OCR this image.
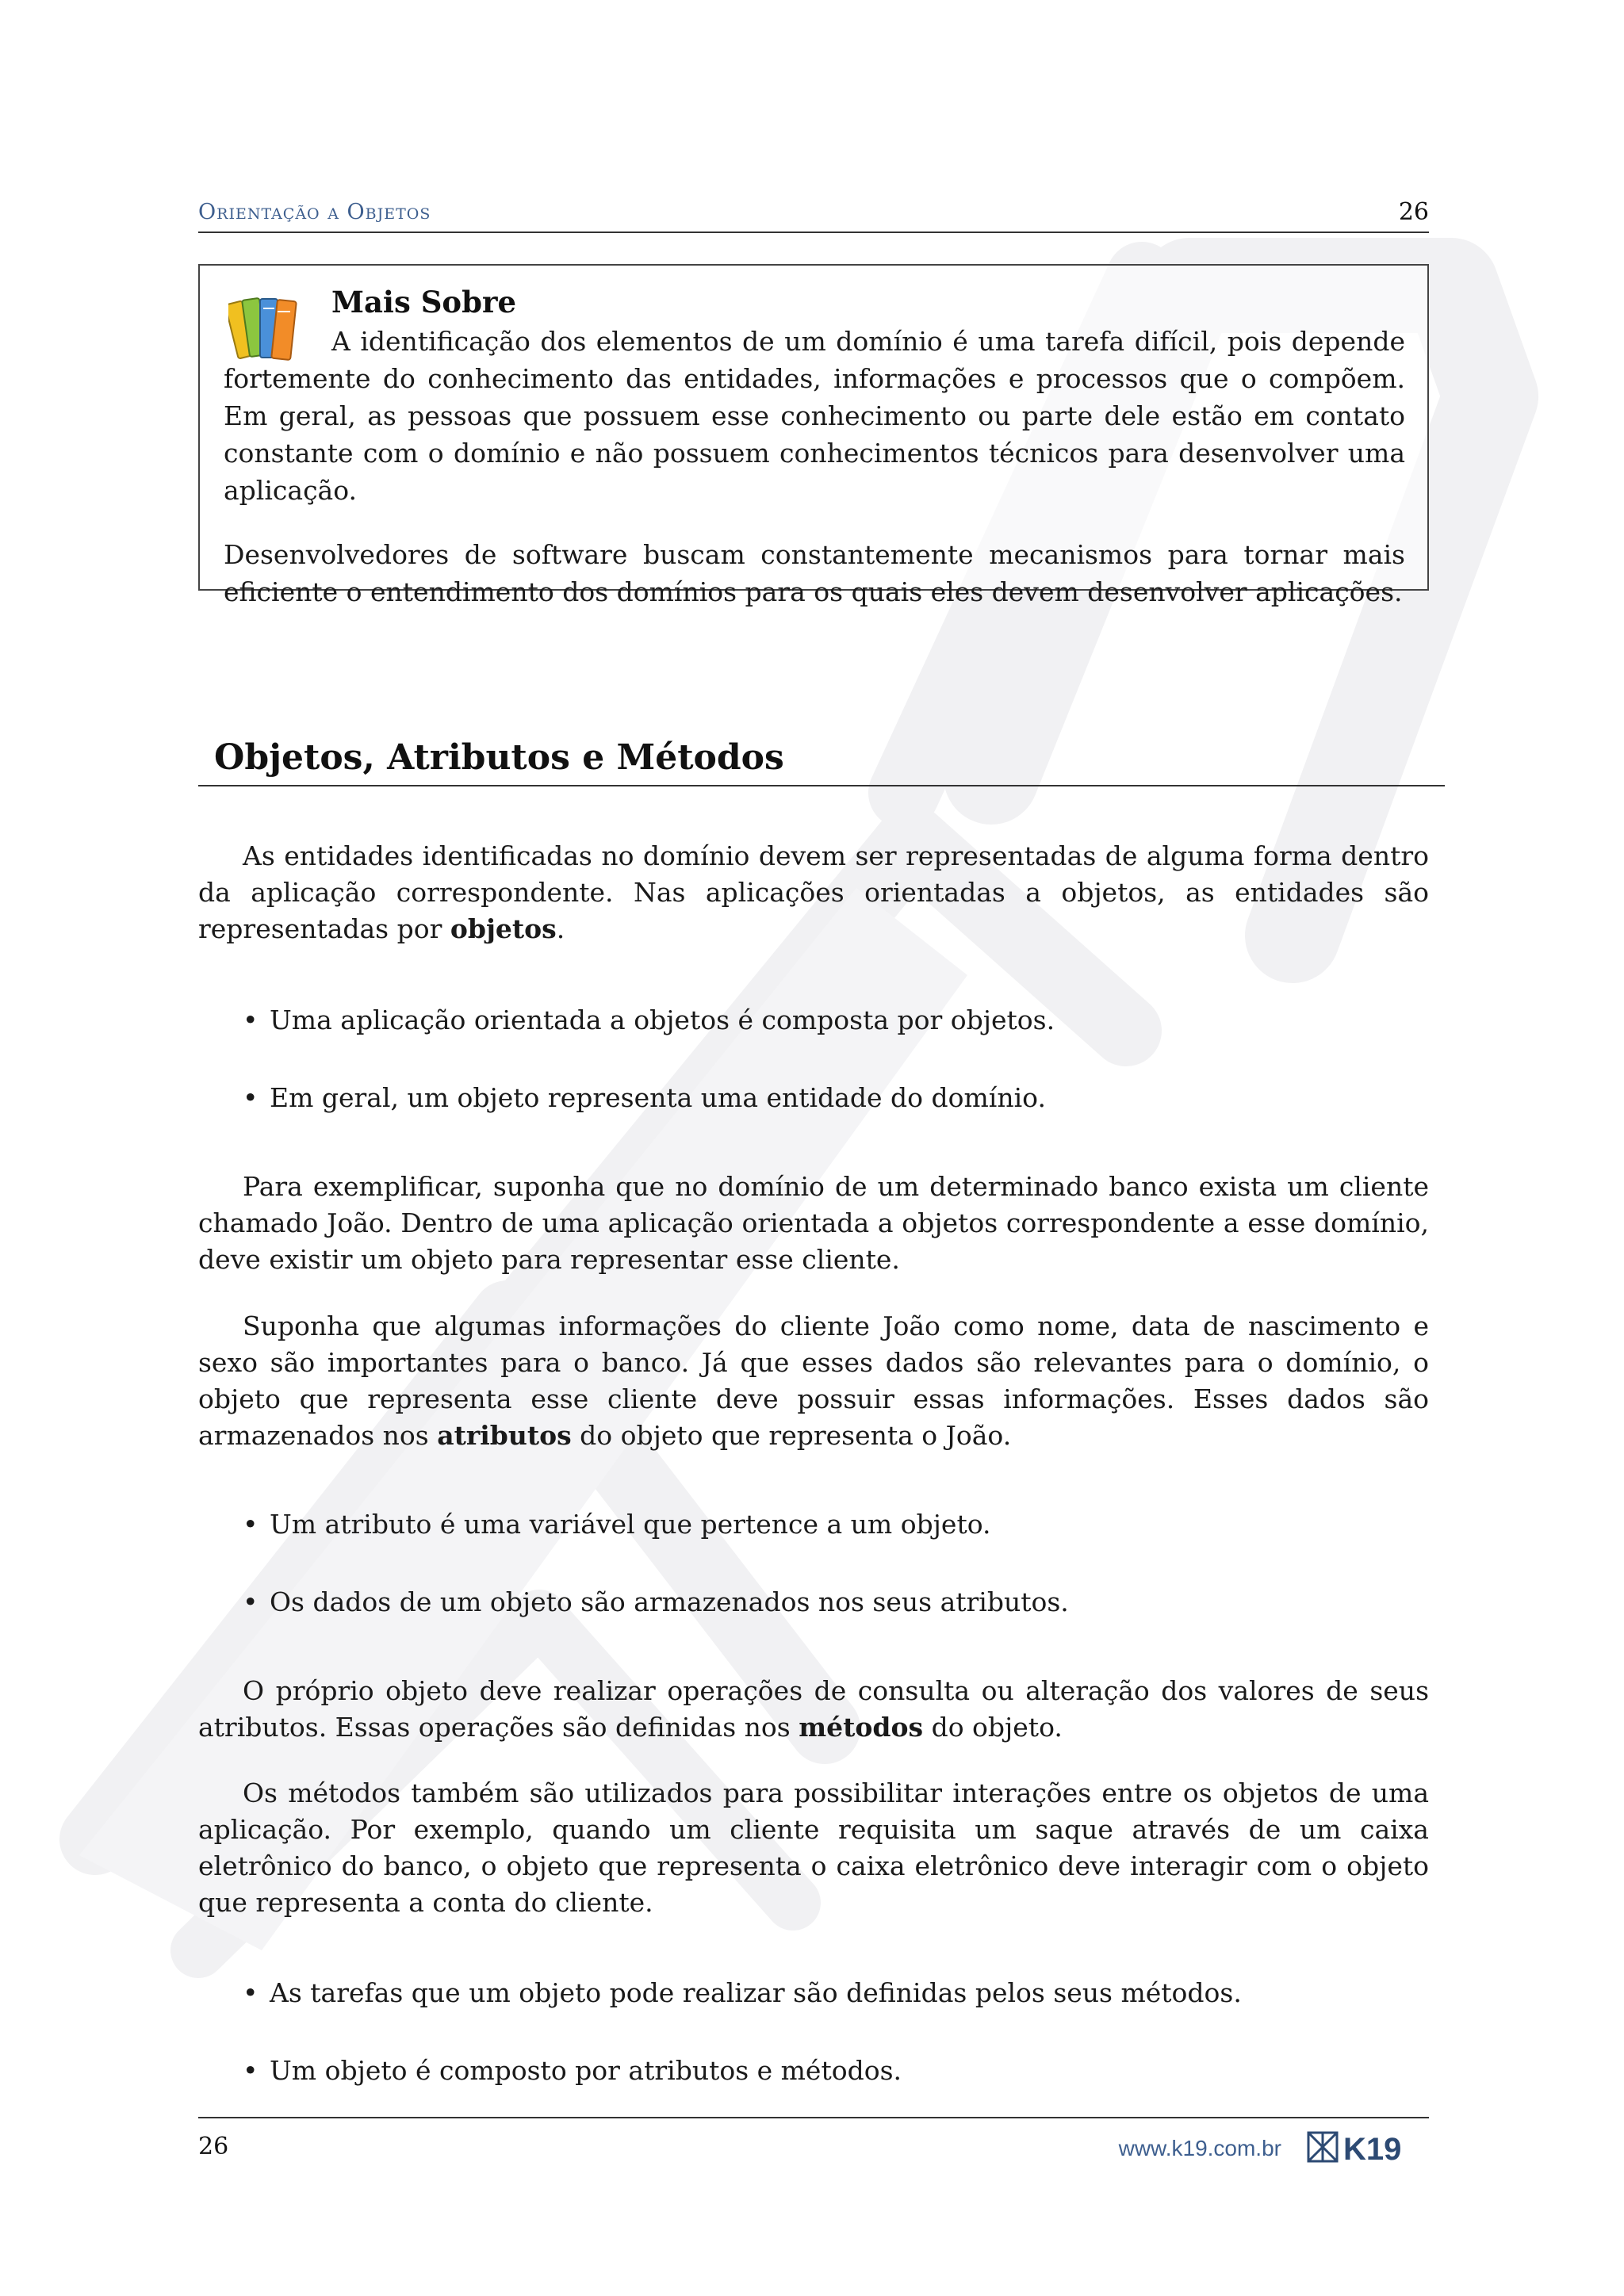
Orientação a Objetos	26
Mais Sobre

A identificação dos elementos de um domínio é uma tarefa difícil, pois depende fortemente do conhecimento das entidades, informações e processos que o compõem. Em geral, as pessoas que possuem esse conhecimento ou parte dele estão em contato constante com o domínio e não possuem conhecimentos técnicos para desenvolver uma aplicação.

Desenvolvedores de software buscam constantemente mecanismos para tornar mais eficiente o entendimento dos domínios para os quais eles devem desenvolver aplicações.

Objetos, Atributos e Métodos

As entidades identificadas no domínio devem ser representadas de alguma forma dentro da aplicação correspondente. Nas aplicações orientadas a objetos, as entidades são representadas por objetos.

• Uma aplicação orientada a objetos é composta por objetos.
• Em geral, um objeto representa uma entidade do domínio.

Para exemplificar, suponha que no domínio de um determinado banco exista um cliente chamado João. Dentro de uma aplicação orientada a objetos correspondente a esse domínio, deve existir um objeto para representar esse cliente.

Suponha que algumas informações do cliente João como nome, data de nascimento e sexo são importantes para o banco. Já que esses dados são relevantes para o domínio, o objeto que representa esse cliente deve possuir essas informações. Esses dados são armazenados nos atributos do objeto que representa o João.

• Um atributo é uma variável que pertence a um objeto.
• Os dados de um objeto são armazenados nos seus atributos.

O próprio objeto deve realizar operações de consulta ou alteração dos valores de seus atributos. Essas operações são definidas nos métodos do objeto.

Os métodos também são utilizados para possibilitar interações entre os objetos de uma aplicação. Por exemplo, quando um cliente requisita um saque através de um caixa eletrônico do banco, o objeto que representa o caixa eletrônico deve interagir com o objeto que representa a conta do cliente.

• As tarefas que um objeto pode realizar são definidas pelos seus métodos.
• Um objeto é composto por atributos e métodos.
26	www.k19.com.br K19
